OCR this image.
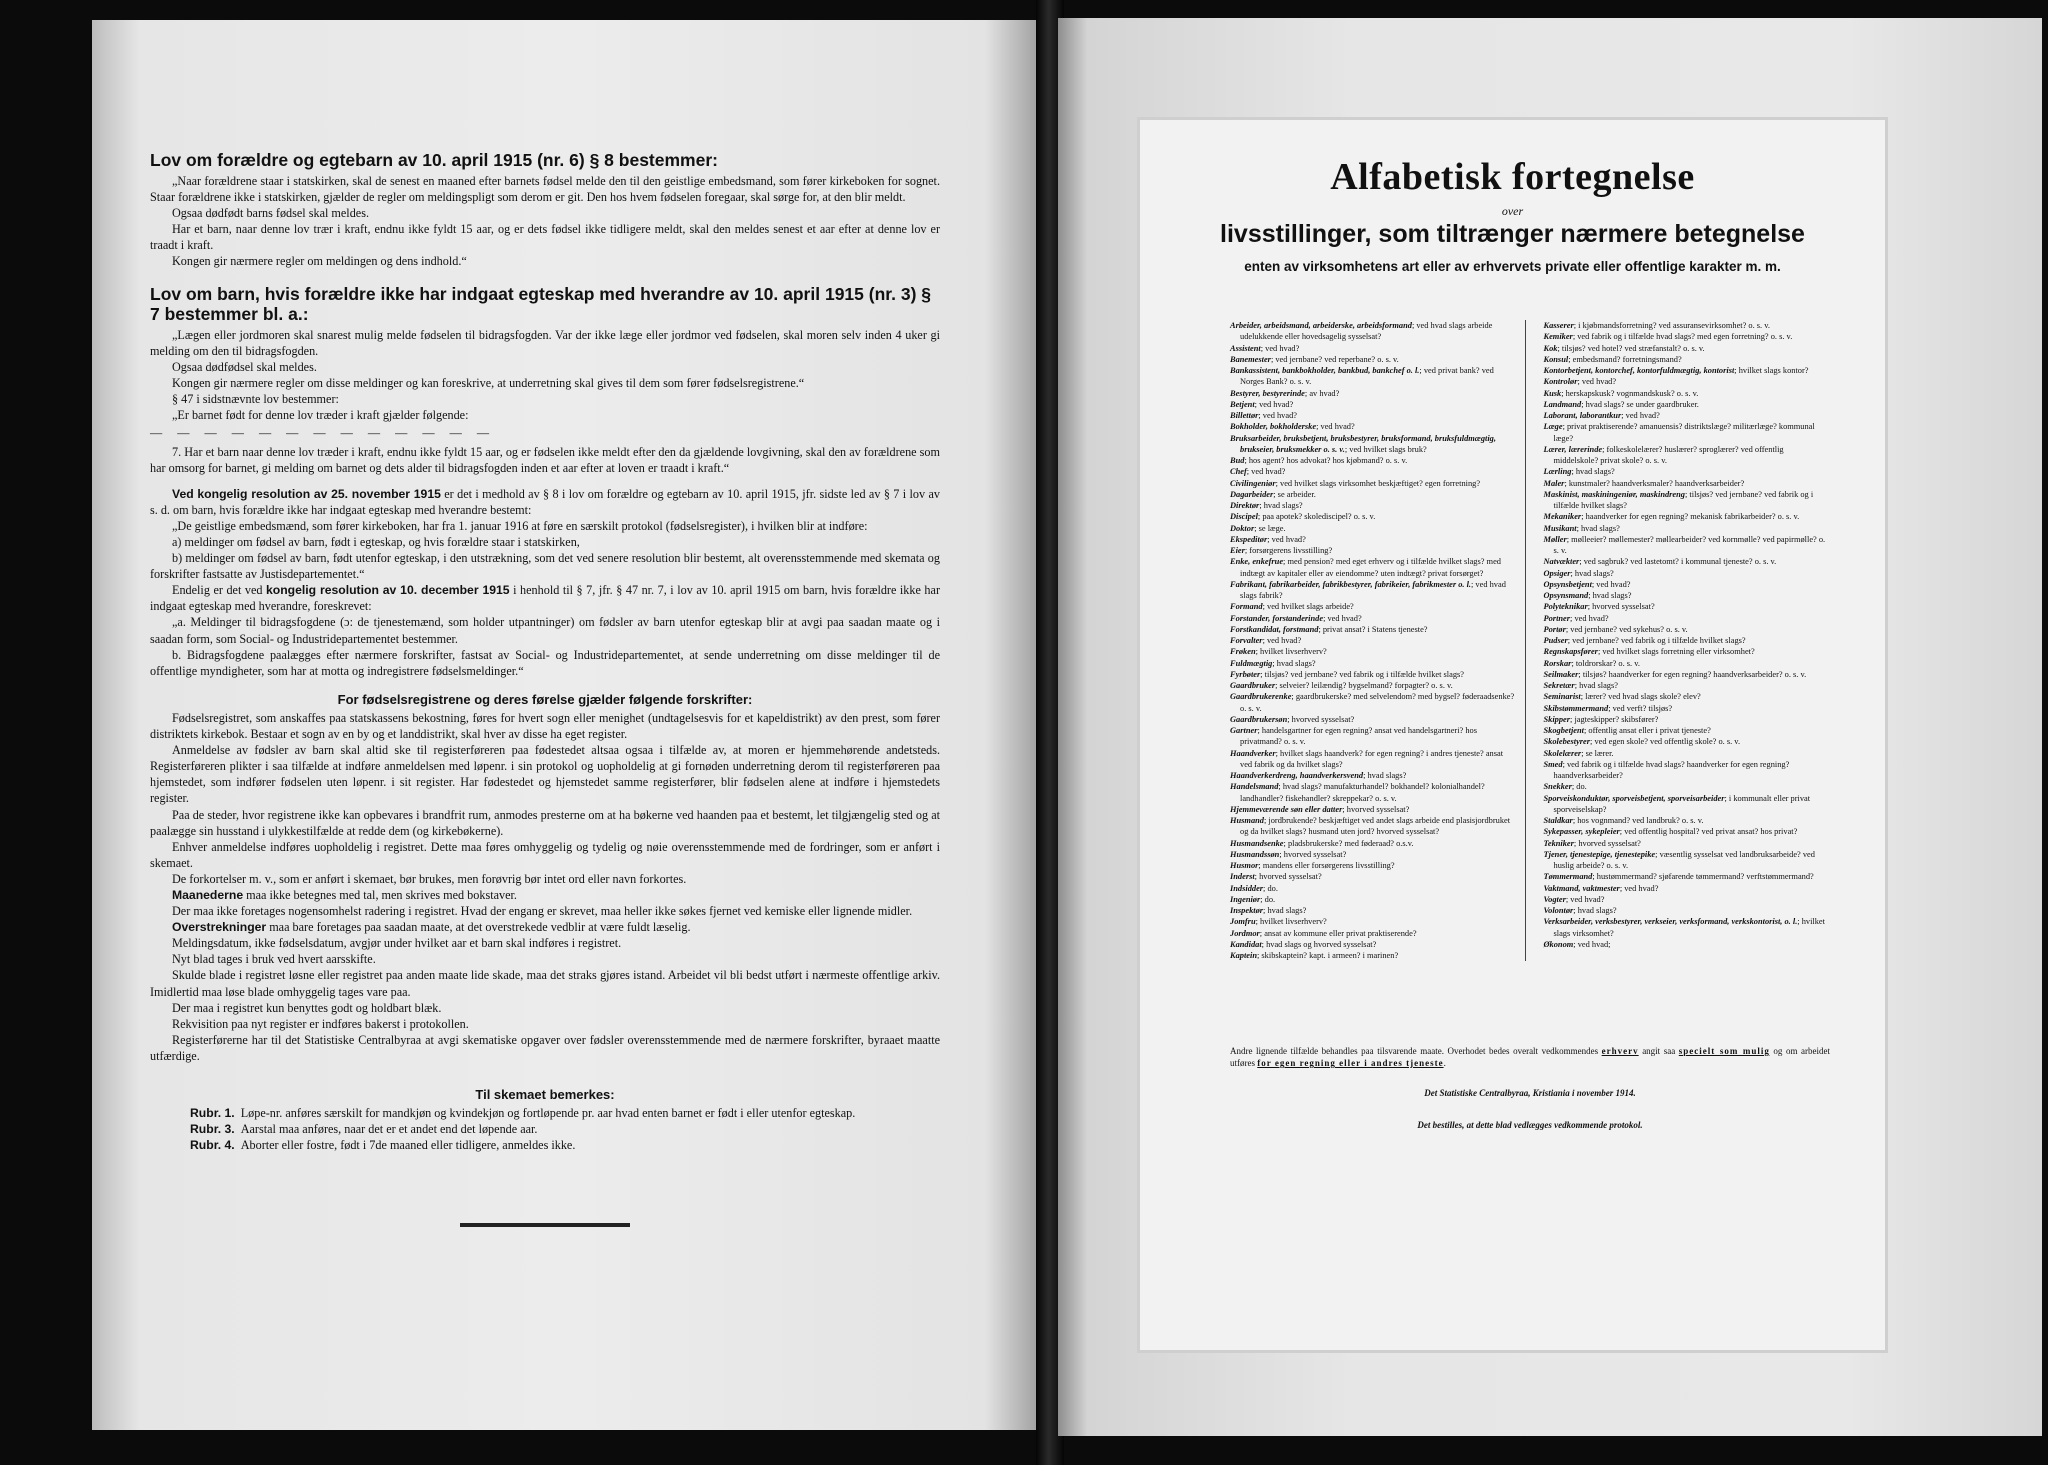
Lov om forældre og egtebarn av 10. april 1915 (nr. 6) § 8 bestemmer:

„Naar forældrene staar i statskirken, skal de senest en maaned efter barnets fødsel melde den til den geistlige embedsmand, som fører kirkeboken for sognet. Staar forældrene ikke i statskirken, gjælder de regler om meldingspligt som derom er git. Den hos hvem fødselen foregaar, skal sørge for, at den blir meldt.

Ogsaa dødfødt barns fødsel skal meldes.

Har et barn, naar denne lov trær i kraft, endnu ikke fyldt 15 aar, og er dets fødsel ikke tidligere meldt, skal den meldes senest et aar efter at denne lov er traadt i kraft.

Kongen gir nærmere regler om meldingen og dens indhold.“

Lov om barn, hvis forældre ikke har indgaat egteskap med hverandre av 10. april 1915 (nr. 3) § 7 bestemmer bl. a.:

„Lægen eller jordmoren skal snarest mulig melde fødselen til bidragsfogden. Var der ikke læge eller jordmor ved fødselen, skal moren selv inden 4 uker gi melding om den til bidragsfogden.

Ogsaa dødfødsel skal meldes.

Kongen gir nærmere regler om disse meldinger og kan foreskrive, at underretning skal gives til dem som fører fødselsregistrene.“

§ 47 i sidstnævnte lov bestemmer:

„Er barnet født for denne lov træder i kraft gjælder følgende:

— — — — — — — — — — — — —

7. Har et barn naar denne lov træder i kraft, endnu ikke fyldt 15 aar, og er fødselen ikke meldt efter den da gjældende lovgivning, skal den av forældrene som har omsorg for barnet, gi melding om barnet og dets alder til bidragsfogden inden et aar efter at loven er traadt i kraft.“

Ved kongelig resolution av 25. november 1915 er det i medhold av § 8 i lov om forældre og egtebarn av 10. april 1915, jfr. sidste led av § 7 i lov av s. d. om barn, hvis forældre ikke har indgaat egteskap med hverandre bestemt:

„De geistlige embedsmænd, som fører kirkeboken, har fra 1. januar 1916 at føre en særskilt protokol (fødselsregister), i hvilken blir at indføre:

a) meldinger om fødsel av barn, født i egteskap, og hvis forældre staar i statskirken,

b) meldinger om fødsel av barn, født utenfor egteskap, i den utstrækning, som det ved senere resolution blir bestemt, alt overensstemmende med skemata og forskrifter fastsatte av Justisdepartementet.“

Endelig er det ved kongelig resolution av 10. december 1915 i henhold til § 7, jfr. § 47 nr. 7, i lov av 10. april 1915 om barn, hvis forældre ikke har indgaat egteskap med hverandre, foreskrevet:

„a. Meldinger til bidragsfogdene (ɔ: de tjenestemænd, som holder utpantninger) om fødsler av barn utenfor egteskap blir at avgi paa saadan maate og i saadan form, som Social- og Industridepartementet bestemmer.

b. Bidragsfogdene paalægges efter nærmere forskrifter, fastsat av Social- og Industridepartementet, at sende underretning om disse meldinger til de offentlige myndigheter, som har at motta og indregistrere fødselsmeldinger.“

For fødselsregistrene og deres førelse gjælder følgende forskrifter:

Fødselsregistret, som anskaffes paa statskassens bekostning, føres for hvert sogn eller menighet (undtagelsesvis for et kapeldistrikt) av den prest, som fører distriktets kirkebok. Bestaar et sogn av en by og et landdistrikt, skal hver av disse ha eget register.

Anmeldelse av fødsler av barn skal altid ske til registerføreren paa fødestedet altsaa ogsaa i tilfælde av, at moren er hjemmehørende andetsteds. Registerføreren plikter i saa tilfælde at indføre anmeldelsen med løpenr. i sin protokol og uopholdelig at gi fornøden underretning derom til registerføreren paa hjemstedet, som indfører fødselen uten løpenr. i sit register. Har fødestedet og hjemstedet samme registerfører, blir fødselen alene at indføre i hjemstedets register.

Paa de steder, hvor registrene ikke kan opbevares i brandfrit rum, anmodes presterne om at ha bøkerne ved haanden paa et bestemt, let tilgjængelig sted og at paalægge sin husstand i ulykkestilfælde at redde dem (og kirkebøkerne).

Enhver anmeldelse indføres uopholdelig i registret. Dette maa føres omhyggelig og tydelig og nøie overensstemmende med de fordringer, som er anført i skemaet.

De forkortelser m. v., som er anført i skemaet, bør brukes, men forøvrig bør intet ord eller navn forkortes.

Maanederne maa ikke betegnes med tal, men skrives med bokstaver.

Der maa ikke foretages nogensomhelst radering i registret. Hvad der engang er skrevet, maa heller ikke søkes fjernet ved kemiske eller lignende midler.

Overstrekninger maa bare foretages paa saadan maate, at det overstrekede vedblir at være fuldt læselig.

Meldingsdatum, ikke fødselsdatum, avgjør under hvilket aar et barn skal indføres i registret.

Nyt blad tages i bruk ved hvert aarsskifte.

Skulde blade i registret løsne eller registret paa anden maate lide skade, maa det straks gjøres istand. Arbeidet vil bli bedst utført i nærmeste offentlige arkiv. Imidlertid maa løse blade omhyggelig tages vare paa.

Der maa i registret kun benyttes godt og holdbart blæk.

Rekvisition paa nyt register er indføres bakerst i protokollen.

Registerførerne har til det Statistiske Centralbyraa at avgi skematiske opgaver over fødsler overensstemmende med de nærmere forskrifter, byraaet maatte utfærdige.

Til skemaet bemerkes:

Rubr. 1. Løpe-nr. anføres særskilt for mandkjøn og kvindekjøn og fortløpende pr. aar hvad enten barnet er født i eller utenfor egteskap.

Rubr. 3. Aarstal maa anføres, naar det er et andet end det løpende aar.

Rubr. 4. Aborter eller fostre, født i 7de maaned eller tidligere, anmeldes ikke.

Alfabetisk fortegnelse
over
livsstillinger, som tiltrænger nærmere betegnelse
enten av virksomhetens art eller av erhvervets private eller offentlige karakter m. m.

Arbeider, arbeidsmand, arbeiderske, arbeidsformand; ved hvad slags arbeide udelukkende eller hovedsagelig sysselsat?

Assistent; ved hvad?

Banemester; ved jernbane? ved reperbane? o. s. v.

Bankassistent, bankbokholder, bankbud, bankchef o. l.; ved privat bank? ved Norges Bank? o. s. v.

Bestyrer, bestyrerinde; av hvad?

Betjent; ved hvad?

Billettør; ved hvad?

Bokholder, bokholderske; ved hvad?

Bruksarbeider, bruksbetjent, bruksbestyrer, bruksformand, bruksfuldmægtig, brukseier, bruksmekker o. s. v.; ved hvilket slags bruk?

Bud; hos agent? hos advokat? hos kjøbmand? o. s. v.

Chef; ved hvad?

Civilingeniør; ved hvilket slags virksomhet beskjæftiget? egen forretning?

Dagarbeider; se arbeider.

Direktør; hvad slags?

Discipel; paa apotek? skolediscipel? o. s. v.

Doktor; se læge.

Ekspeditør; ved hvad?

Eier; forsørgerens livsstilling?

Enke, enkefrue; med pension? med eget erhverv og i tilfælde hvilket slags? med indtægt av kapitaler eller av eiendomme? uten indtægt? privat forsørget?

Fabrikant, fabrikarbeider, fabrikbestyrer, fabrikeier, fabrikmester o. l.; ved hvad slags fabrik?

Formand; ved hvilket slags arbeide?

Forstander, forstanderinde; ved hvad?

Forstkandidat, forstmand; privat ansat? i Statens tjeneste?

Forvalter; ved hvad?

Frøken; hvilket livserhverv?

Fuldmægtig; hvad slags?

Fyrbøter; tilsjøs? ved jernbane? ved fabrik og i tilfælde hvilket slags?

Gaardbruker; selveier? leilændig? bygselmand? forpagter? o. s. v.

Gaardbrukerenke; gaardbrukerske? med selvelendom? med bygsel? føderaadsenke? o. s. v.

Gaardbrukersøn; hvorved sysselsat?

Gartner; handelsgartner for egen regning? ansat ved handelsgartneri? hos privatmand? o. s. v.

Haandverker; hvilket slags haandverk? for egen regning? i andres tjeneste? ansat ved fabrik og da hvilket slags?

Haandverkerdreng, haandverkersvend; hvad slags?

Handelsmand; hvad slags? manufakturhandel? bokhandel? kolonialhandel? landhandler? fiskehandler? skreppekar? o. s. v.

Hjemmeværende søn eller datter; hvorved sysselsat?

Husmand; jordbrukende? beskjæftiget ved andet slags arbeide end plasisjordbruket og da hvilket slags? husmand uten jord? hvorved sysselsat?

Husmandsenke; pladsbrukerske? med føderaad? o.s.v.

Husmandssøn; hvorved sysselsat?

Husmor; mandens eller forsørgerens livsstilling?

Inderst; hvorved sysselsat?

Indsidder; do.

Ingeniør; do.

Inspektør; hvad slags?

Jomfru; hvilket livserhverv?

Jordmor; ansat av kommune eller privat praktiserende?

Kandidat; hvad slags og hvorved sysselsat?

Kaptein; skibskaptein? kapt. i armeen? i marinen?

Kasserer; i kjøbmandsforretning? ved assuransevirksomhet? o. s. v.

Kemiker; ved fabrik og i tilfælde hvad slags? med egen forretning? o. s. v.

Kok; tilsjøs? ved hotel? ved stræfanstalt? o. s. v.

Konsul; embedsmand? forretningsmand?

Kontorbetjent, kontorchef, kontorfuldmægtig, kontorist; hvilket slags kontor?

Kontrolør; ved hvad?

Kusk; herskapskusk? vognmandskusk? o. s. v.

Landmand; hvad slags? se under gaardbruker.

Laborant, laborantkur; ved hvad?

Læge; privat praktiserende? amanuensis? distriktslæge? militærlæge? kommunal læge?

Lærer, lærerinde; folkeskolelærer? huslærer? sproglærer? ved offentlig middelskole? privat skole? o. s. v.

Lærling; hvad slags?

Maler; kunstmaler? haandverksmaler? haandverksarbeider?

Maskinist, maskiningeniør, maskindreng; tilsjøs? ved jernbane? ved fabrik og i tilfælde hvilket slags?

Mekaniker; haandverker for egen regning? mekanisk fabrikarbeider? o. s. v.

Musikant; hvad slags?

Møller; mølleeier? møllemester? møllearbeider? ved kornmølle? ved papirmølle? o. s. v.

Natvækter; ved sagbruk? ved lastetomt? i kommunal tjeneste? o. s. v.

Opsiger; hvad slags?

Opsynsbetjent; ved hvad?

Opsynsmand; hvad slags?

Polyteknikar; hvorved sysselsat?

Portner; ved hvad?

Portør; ved jernbane? ved sykehus? o. s. v.

Pudser; ved jernbane? ved fabrik og i tilfælde hvilket slags?

Regnskapsfører; ved hvilket slags forretning eller virksomhet?

Rorskar; toldrorskar? o. s. v.

Seilmaker; tilsjøs? haandverker for egen regning? haandverksarbeider? o. s. v.

Sekretær; hvad slags?

Seminarist; lærer? ved hvad slags skole? elev?

Skibstømmermand; ved verft? tilsjøs?

Skipper; jagteskipper? skibsfører?

Skogbetjent; offentlig ansat eller i privat tjeneste?

Skolebestyrer; ved egen skole? ved offentlig skole? o. s. v.

Skolelærer; se lærer.

Smed; ved fabrik og i tilfælde hvad slags? haandverker for egen regning? haandverksarbeider?

Snekker; do.

Sporveiskonduktør, sporveisbetjent, sporveisarbeider; i kommunalt eller privat sporveiselskap?

Staldkar; hos vognmand? ved landbruk? o. s. v.

Sykepasser, sykepleier; ved offentlig hospital? ved privat ansat? hos privat?

Tekniker; hvorved sysselsat?

Tjener, tjenestepige, tjenestepike; væsentlig sysselsat ved landbruksarbeide? ved huslig arbeide? o. s. v.

Tømmermand; hustømmermand? sjøfarende tømmermand? verftstømmermand?

Vaktmand, vaktmester; ved hvad?

Vogter; ved hvad?

Volontør; hvad slags?

Verksarbeider, verksbestyrer, verkseier, verksformand, verkskontorist, o. l.; hvilket slags virksomhet?

Økonom; ved hvad;

Andre lignende tilfælde behandles paa tilsvarende maate. Overhodet bedes overalt vedkommendes erhverv angit saa specielt som mulig og om arbeidet utføres for egen regning eller i andres tjeneste.
Det Statistiske Centralbyraa, Kristiania i november 1914.
Det bestilles, at dette blad vedlægges vedkommende protokol.
